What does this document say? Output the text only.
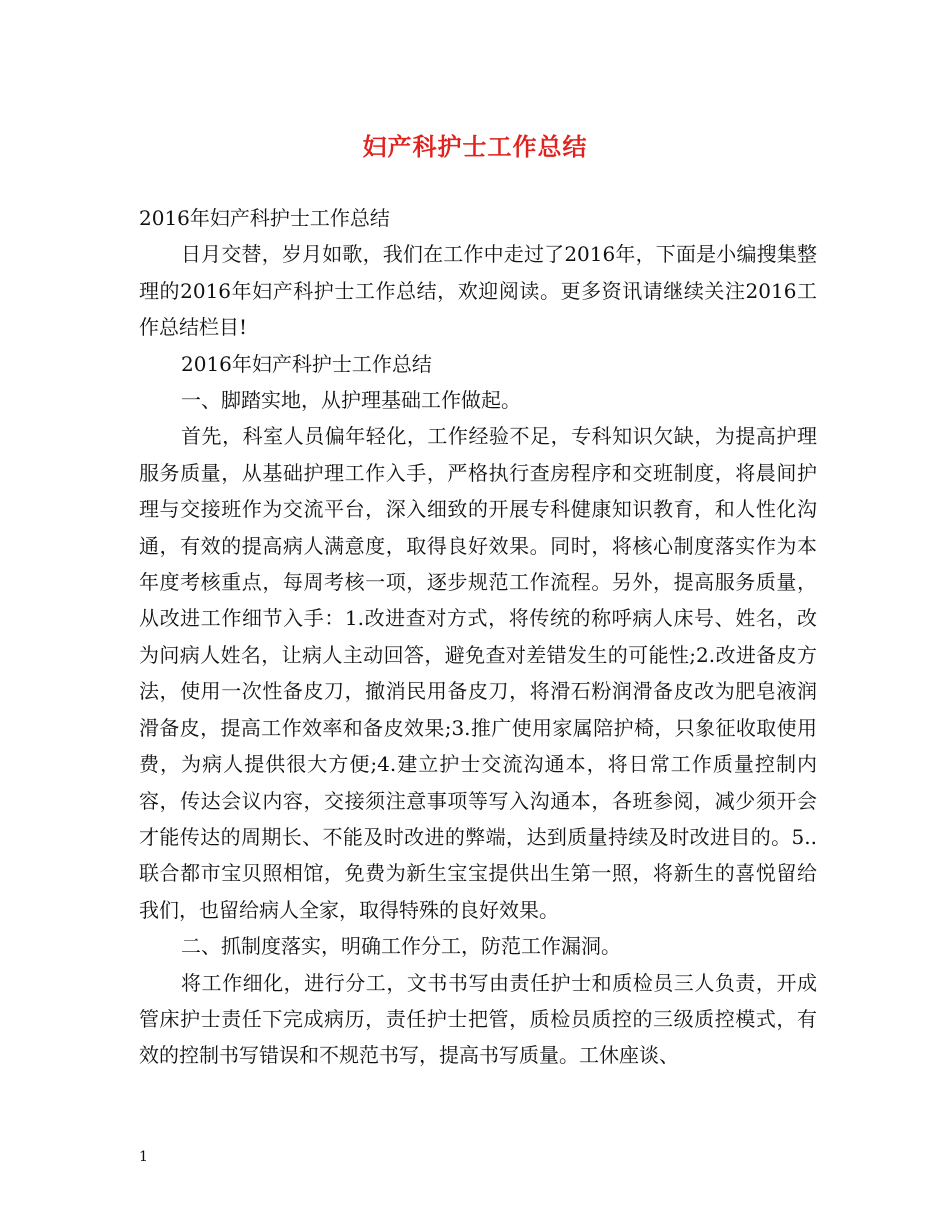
妇产科护士工作总结

2016年妇产科护士工作总结

日月交替，岁月如歌，我们在工作中走过了2016年，下面是小编搜集整理的2016年妇产科护士工作总结，欢迎阅读。更多资讯请继续关注2016工作总结栏目!

2016年妇产科护士工作总结

一、脚踏实地，从护理基础工作做起。

首先，科室人员偏年轻化，工作经验不足，专科知识欠缺，为提高护理服务质量，从基础护理工作入手，严格执行查房程序和交班制度，将晨间护理与交接班作为交流平台，深入细致的开展专科健康知识教育，和人性化沟通，有效的提高病人满意度，取得良好效果。同时，将核心制度落实作为本年度考核重点，每周考核一项，逐步规范工作流程。另外，提高服务质量，从改进工作细节入手：1.改进查对方式，将传统的称呼病人床号、姓名，改为问病人姓名，让病人主动回答，避免查对差错发生的可能性;2.改进备皮方法，使用一次性备皮刀，撤消民用备皮刀，将滑石粉润滑备皮改为肥皂液润滑备皮，提高工作效率和备皮效果;3.推广使用家属陪护椅，只象征收取使用费，为病人提供很大方便;4.建立护士交流沟通本，将日常工作质量控制内容，传达会议内容，交接须注意事项等写入沟通本，各班参阅，减少须开会才能传达的周期长、不能及时改进的弊端，达到质量持续及时改进目的。5..联合都市宝贝照相馆，免费为新生宝宝提供出生第一照，将新生的喜悦留给我们，也留给病人全家，取得特殊的良好效果。

二、抓制度落实，明确工作分工，防范工作漏洞。

将工作细化，进行分工，文书书写由责任护士和质检员三人负责，开成管床护士责任下完成病历，责任护士把管，质检员质控的三级质控模式，有效的控制书写错误和不规范书写，提高书写质量。工休座谈、

1
